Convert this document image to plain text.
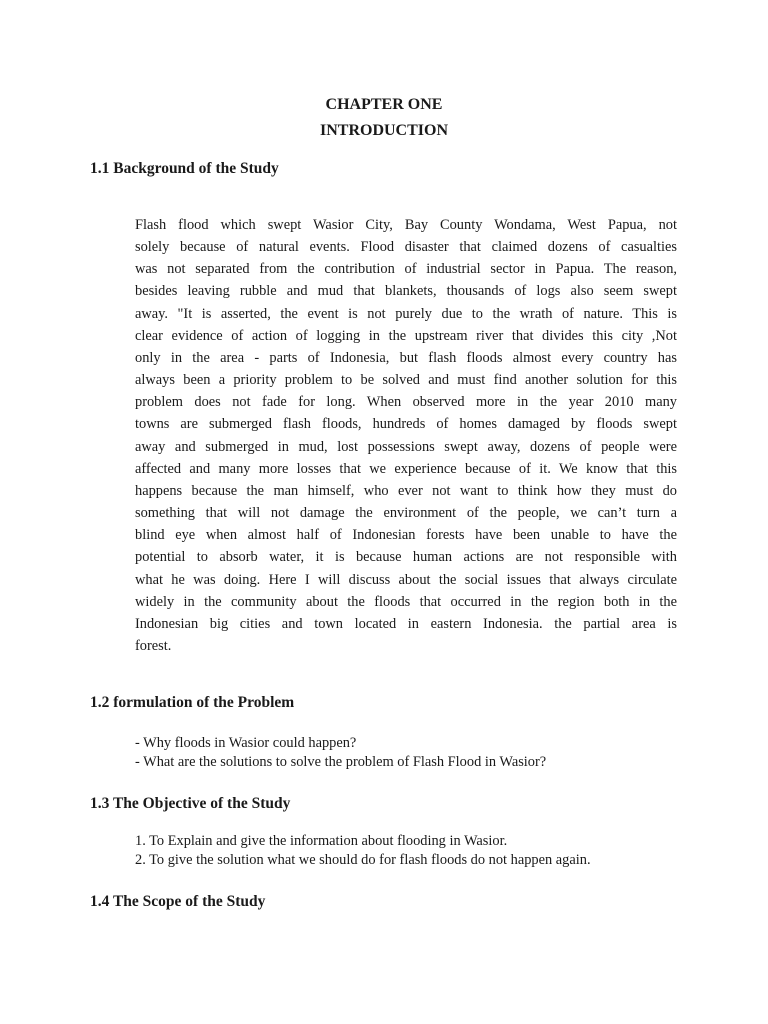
CHAPTER ONE
INTRODUCTION
1.1 Background of the Study

Flash flood which swept Wasior City, Bay County Wondama, West Papua, not
solely because of natural events. Flood disaster that claimed dozens of casualties
was not separated from the contribution of industrial sector in Papua. The reason,
besides leaving rubble and mud that blankets, thousands of logs also seem swept
away. "It is asserted, the event is not purely due to the wrath of nature. This is
clear evidence of action of logging in the upstream river that divides this city ,Not
only in the area - parts of Indonesia, but flash floods almost every country has
always been a priority problem to be solved and must find another solution for this
problem does not fade for long. When observed more in the year 2010 many
towns are submerged flash floods, hundreds of homes damaged by floods swept
away and submerged in mud, lost possessions swept away, dozens of people were
affected and many more losses that we experience because of it. We know that this
happens because the man himself, who ever not want to think how they must do
something that will not damage the environment of the people, we can’t turn a
blind eye when almost half of Indonesian forests have been unable to have the
potential to absorb water, it is because human actions are not responsible with
what he was doing. Here I will discuss about the social issues that always circulate
widely in the community about the floods that occurred in the region both in the
Indonesian big cities and town located in eastern Indonesia. the partial area is
forest.

1.2 formulation of the Problem
- Why floods in Wasior could happen?
- What are the solutions to solve the problem of Flash Flood in Wasior?
1.3 The Objective of the Study
1. To Explain and give the information about flooding in Wasior.
2. To give the solution what we should do for flash floods do not happen again.
1.4 The Scope of the Study
